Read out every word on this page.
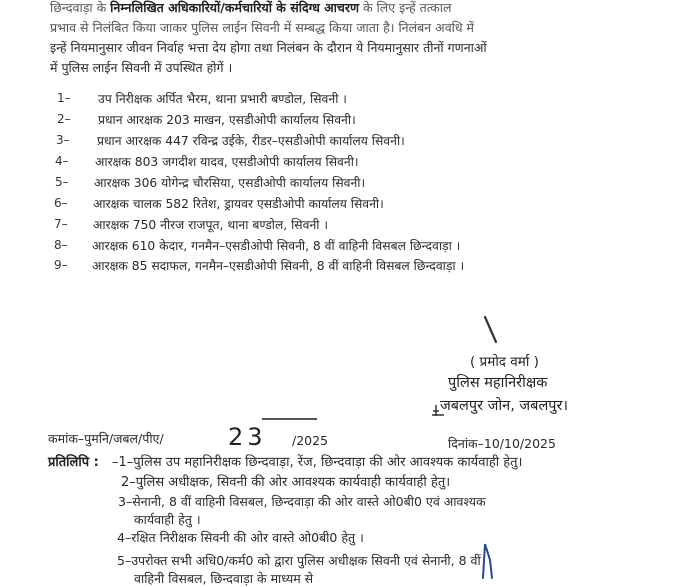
छिन्दवाड़ा के निम्नलिखित अधिकारियों/कर्मचारियों के संदिग्ध आचरण के लिए इन्हें तत्काल
प्रभाव से निलंबित किया जाकर पुलिस लाईन सिवनी में सम्बद्ध किया जाता है। निलंबन अवधि में
इन्हें नियमानुसार जीवन निर्वाह भत्ता देय होगा तथा निलंबन के दौरान ये नियमानुसार तीनों गणनाओं
में पुलिस लाईन सिवनी में उपस्थित होगें ।
1– उप निरीक्षक अर्पित भैरम, थाना प्रभारी बण्डोल, सिवनी ।
2– प्रधान आरक्षक 203 माखन, एसडीओपी कार्यालय सिवनी।
3– प्रधान आरक्षक 447 रविन्द्र उईके, रीडर–एसडीओपी कार्यालय सिवनी।
4– आरक्षक 803 जगदीश यादव, एसडीओपी कार्यालय सिवनी।
5– आरक्षक 306 योगेन्द्र चौरसिया, एसडीओपी कार्यालय सिवनी।
6– आरक्षक चालक 582 रितेश, ड्रायवर एसडीओपी कार्यालय सिवनी।
7– आरक्षक 750 नीरज राजपूत, थाना बण्डोल, सिवनी ।
8– आरक्षक 610 केदार, गनमैन–एसडीओपी सिवनी, 8 वीं वाहिनी विसबल छिन्दवाड़ा ।
9– आरक्षक 85 सदाफल, गनमैन–एसडीओपी सिवनी, 8 वीं वाहिनी विसबल छिन्दवाड़ा ।
( प्रमोद वर्मा )
पुलिस महानिरीक्षक
जबलपुर जोन, जबलपुर।
कमांक–पुमनि/जबल/पीए/	23 /2025	दिनांक–10/10/2025
प्रतिलिपि : –1–पुलिस उप महानिरीक्षक छिन्दवाड़ा, रेंज, छिन्दवाड़ा की ओर आवश्यक कार्यवाही हेतु।
2–पुलिस अधीक्षक, सिवनी की ओर आवश्यक कार्यवाही कार्यवाही हेतु।
3–सेनानी, 8 वीं वाहिनी विसबल, छिन्दवाड़ा की ओर वास्ते ओ0बी0 एवं आवश्यक
कार्यवाही हेतु ।
4–रक्षित निरीक्षक सिवनी की ओर वास्ते ओ0बी0 हेतु ।
5–उपरोक्त सभी अधि0/कर्म0 को द्वारा पुलिस अधीक्षक सिवनी एवं सेनानी, 8 वीं
वाहिनी विसबल, छिन्दवाड़ा के माध्यम से
